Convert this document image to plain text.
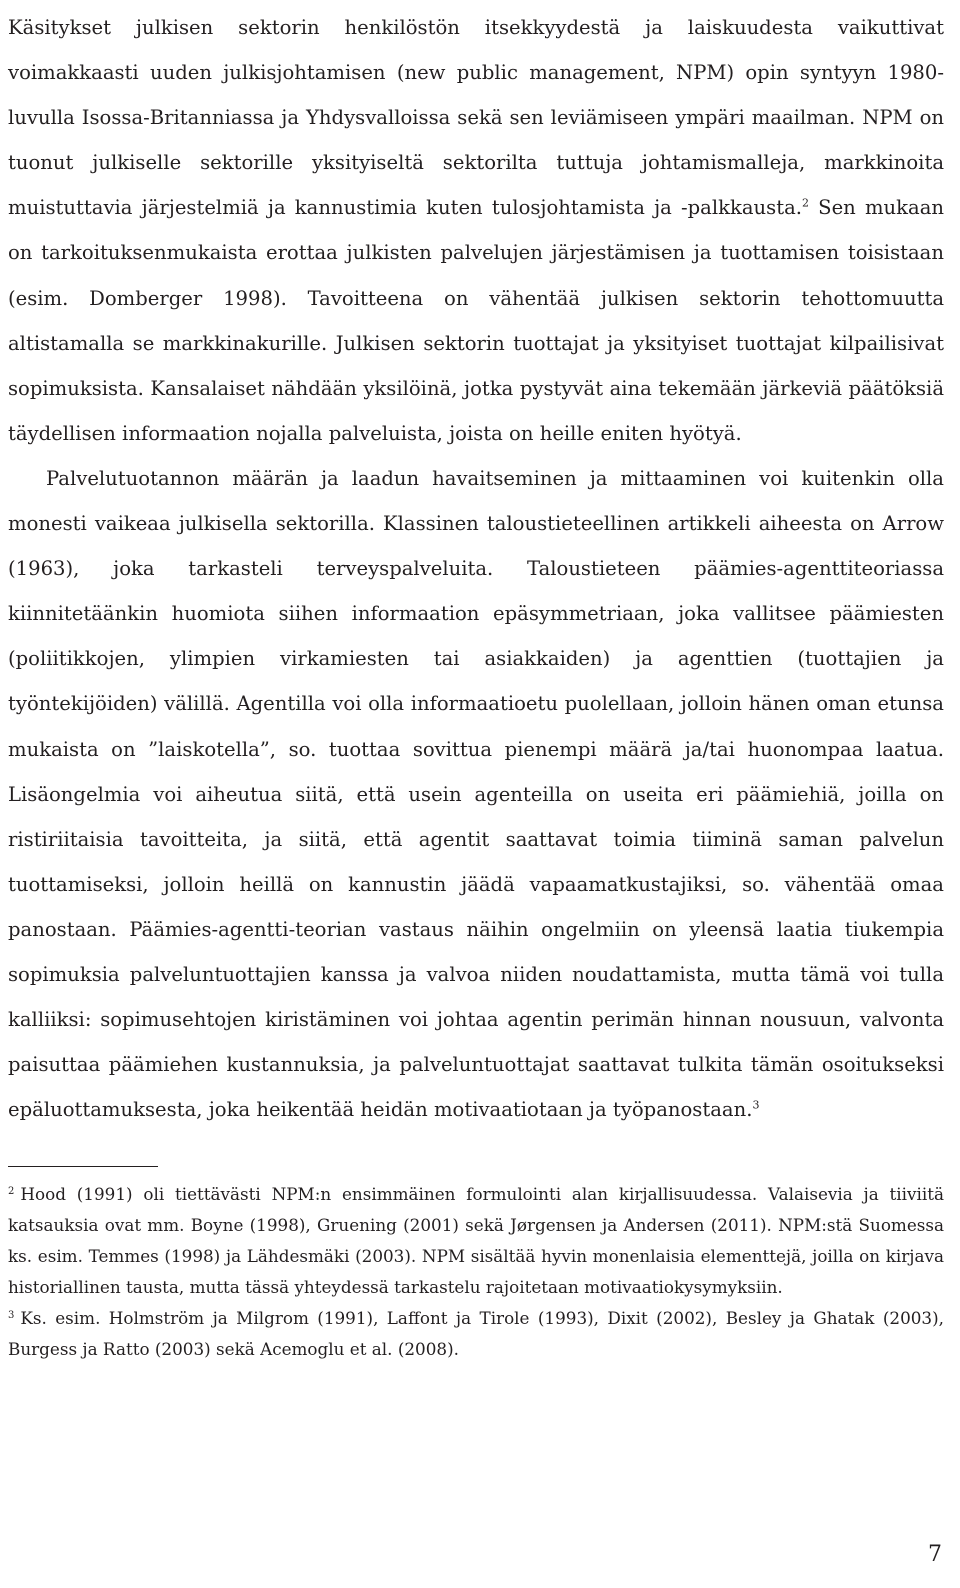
Käsitykset julkisen sektorin henkilöstön itsekkyydestä ja laiskuudesta vaikuttivat voimakkaasti uuden julkisjohtamisen (new public management, NPM) opin syntyyn 1980-luvulla Isossa-Britanniassa ja Yhdysvalloissa sekä sen leviämiseen ympäri maailman. NPM on tuonut julkiselle sektorille yksityiseltä sektorilta tuttuja johtamismalleja, markkinoita muistuttavia järjestelmiä ja kannustimia kuten tulosjohtamista ja -palkkausta.$^2$ Sen mukaan on tarkoituksenmukaista erottaa julkisten palvelujen järjestämisen ja tuottamisen toisistaan (esim. Domberger 1998). Tavoitteena on vähentää julkisen sektorin tehottomuutta altistamalla se markkinakurille. Julkisen sektorin tuottajat ja yksityiset tuottajat kilpailisivat sopimuksista. Kansalaiset nähdään yksilöinä, jotka pystyvät aina tekemään järkeviä päätöksiä täydellisen informaation nojalla palveluista, joista on heille eniten hyötyä.

Palvelutuotannon määrän ja laadun havaitseminen ja mittaaminen voi kuitenkin olla monesti vaikeaa julkisella sektorilla. Klassinen taloustieteellinen artikkeli aiheesta on Arrow (1963), joka tarkasteli terveyspalveluita. Taloustieteen päämies-agenttiteoriassa kiinnitetäänkin huomiota siihen informaation epäsymmetriaan, joka vallitsee päämiesten (poliitikkojen, ylimpien virkamiesten tai asiakkaiden) ja agenttien (tuottajien ja työntekijöiden) välillä. Agentilla voi olla informaatioetu puolellaan, jolloin hänen oman etunsa mukaista on ”laiskotella”, so. tuottaa sovittua pienempi määrä ja/tai huonompaa laatua. Lisäongelmia voi aiheutua siitä, että usein agenteilla on useita eri päämiehiä, joilla on ristiriitaisia tavoitteita, ja siitä, että agentit saattavat toimia tiiminä saman palvelun tuottamiseksi, jolloin heillä on kannustin jäädä vapaamatkustajiksi, so. vähentää omaa panostaan. Päämies-agentti-teorian vastaus näihin ongelmiin on yleensä laatia tiukempia sopimuksia palveluntuottajien kanssa ja valvoa niiden noudattamista, mutta tämä voi tulla kalliiksi: sopimusehtojen kiristäminen voi johtaa agentin perimän hinnan nousuun, valvonta paisuttaa päämiehen kustannuksia, ja palveluntuottajat saattavat tulkita tämän osoitukseksi epäluottamuksesta, joka heikentää heidän motivaatiotaan ja työpanostaan.$^3$

$^2$ Hood (1991) oli tiettävästi NPM:n ensimmäinen formulointi alan kirjallisuudessa. Valaisevia ja tiiviitä katsauksia ovat mm. Boyne (1998), Gruening (2001) sekä Jørgensen ja Andersen (2011). NPM:stä Suomessa ks. esim. Temmes (1998) ja Lähdesmäki (2003). NPM sisältää hyvin monenlaisia elementtejä, joilla on kirjava historiallinen tausta, mutta tässä yhteydessä tarkastelu rajoitetaan motivaatiokysymyksiin.

$^3$ Ks. esim. Holmström ja Milgrom (1991), Laffont ja Tirole (1993), Dixit (2002), Besley ja Ghatak (2003), Burgess ja Ratto (2003) sekä Acemoglu et al. (2008).

7
